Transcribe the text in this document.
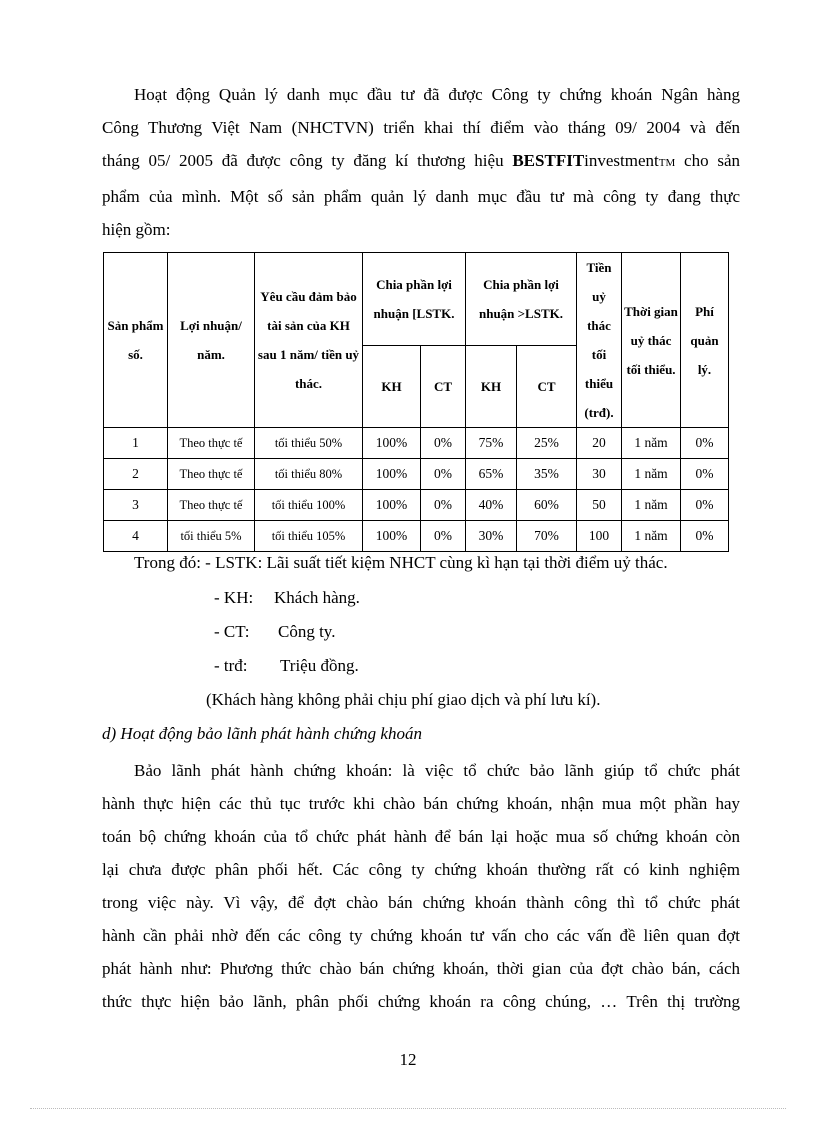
Hoạt động Quản lý danh mục đầu tư đã được Công ty chứng khoán Ngân hàng
Công Thương Việt Nam (NHCTVN) triển khai thí điểm vào tháng 09/ 2004 và đến
tháng 05/ 2005 đã được công ty đăng kí thương hiệu BESTFITinvestmentTM cho sản
phẩm của mình. Một số sản phẩm quản lý danh mục đầu tư mà công ty đang thực
hiện gồm:
Sản phẩm số.	Lợi nhuận/ năm.	Yêu cầu đảm bảo tài sản của KH sau 1 năm/ tiền uỷ thác.	Chia phần lợi nhuận [LSTK.		Chia phần lợi nhuận >LSTK.		Tiền uỷ thác tối thiểu (trđ).	Thời gian uỷ thác tối thiểu.	Phí quản lý.
			KH	CT	KH	CT			
1	Theo thực tế	tối thiểu 50%	100%	0%	75%	25%	20	1 năm	0%
2	Theo thực tế	tối thiểu 80%	100%	0%	65%	35%	30	1 năm	0%
3	Theo thực tế	tối thiểu 100%	100%	0%	40%	60%	50	1 năm	0%
4	tối thiểu 5%	tối thiểu 105%	100%	0%	30%	70%	100	1 năm	0%
Trong đó: - LSTK: Lãi suất tiết kiệm NHCT cùng kì hạn tại thời điểm uỷ thác.
- KH: Khách hàng.
- CT: Công ty.
- trđ: Triệu đồng.
(Khách hàng không phải chịu phí giao dịch và phí lưu kí).
d) Hoạt động bảo lãnh phát hành chứng khoán
Bảo lãnh phát hành chứng khoán: là việc tổ chức bảo lãnh giúp tổ chức phát
hành thực hiện các thủ tục trước khi chào bán chứng khoán, nhận mua một phần hay
toán bộ chứng khoán của tổ chức phát hành để bán lại hoặc mua số chứng khoán còn
lại chưa được phân phối hết. Các công ty chứng khoán thường rất có kinh nghiệm
trong việc này. Vì vậy, để đợt chào bán chứng khoán thành công thì tổ chức phát
hành cần phải nhờ đến các công ty chứng khoán tư vấn cho các vấn đề liên quan đợt
phát hành như: Phương thức chào bán chứng khoán, thời gian của đợt chào bán, cách
thức thực hiện bảo lãnh, phân phối chứng khoán ra công chúng, … Trên thị trường
12
